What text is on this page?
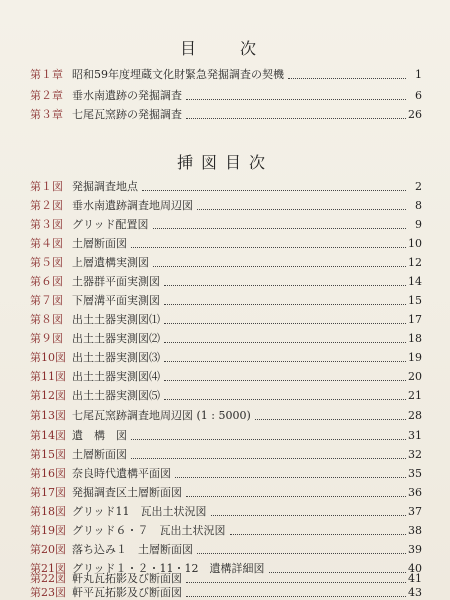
目　次
第１章 昭和59年度埋蔵文化財緊急発掘調査の契機	1
第２章 垂水南遺跡の発掘調査	6
第３章 七尾瓦窯跡の発掘調査	26
挿図目次
第１図 発掘調査地点	2
第２図 垂水南遺跡調査地周辺図	8
第３図 グリッド配置図	9
第４図 土層断面図	10
第５図 上層遺構実測図	12
第６図 土器群平面実測図	14
第７図 下層溝平面実測図	15
第８図 出土土器実測図⑴	17
第９図 出土土器実測図⑵	18
第10図 出土土器実測図⑶	19
第11図 出土土器実測図⑷	20
第12図 出土土器実測図⑸	21
第13図 七尾瓦窯跡調査地周辺図 (1 : 5000)	28
第14図 遺　構　図	31
第15図 土層断面図	32
第16図 奈良時代遺構平面図	35
第17図 発掘調査区土層断面図	36
第18図 グリッド11　瓦出土状況図	37
第19図 グリッド６・７　瓦出土状況図	38
第20図 落ち込み１　土層断面図	39
第21図 グリッド１・２・11・12　遺構詳細図	40
第22図 軒丸瓦拓影及び断面図	41
第23図 軒平瓦拓影及び断面図	43
